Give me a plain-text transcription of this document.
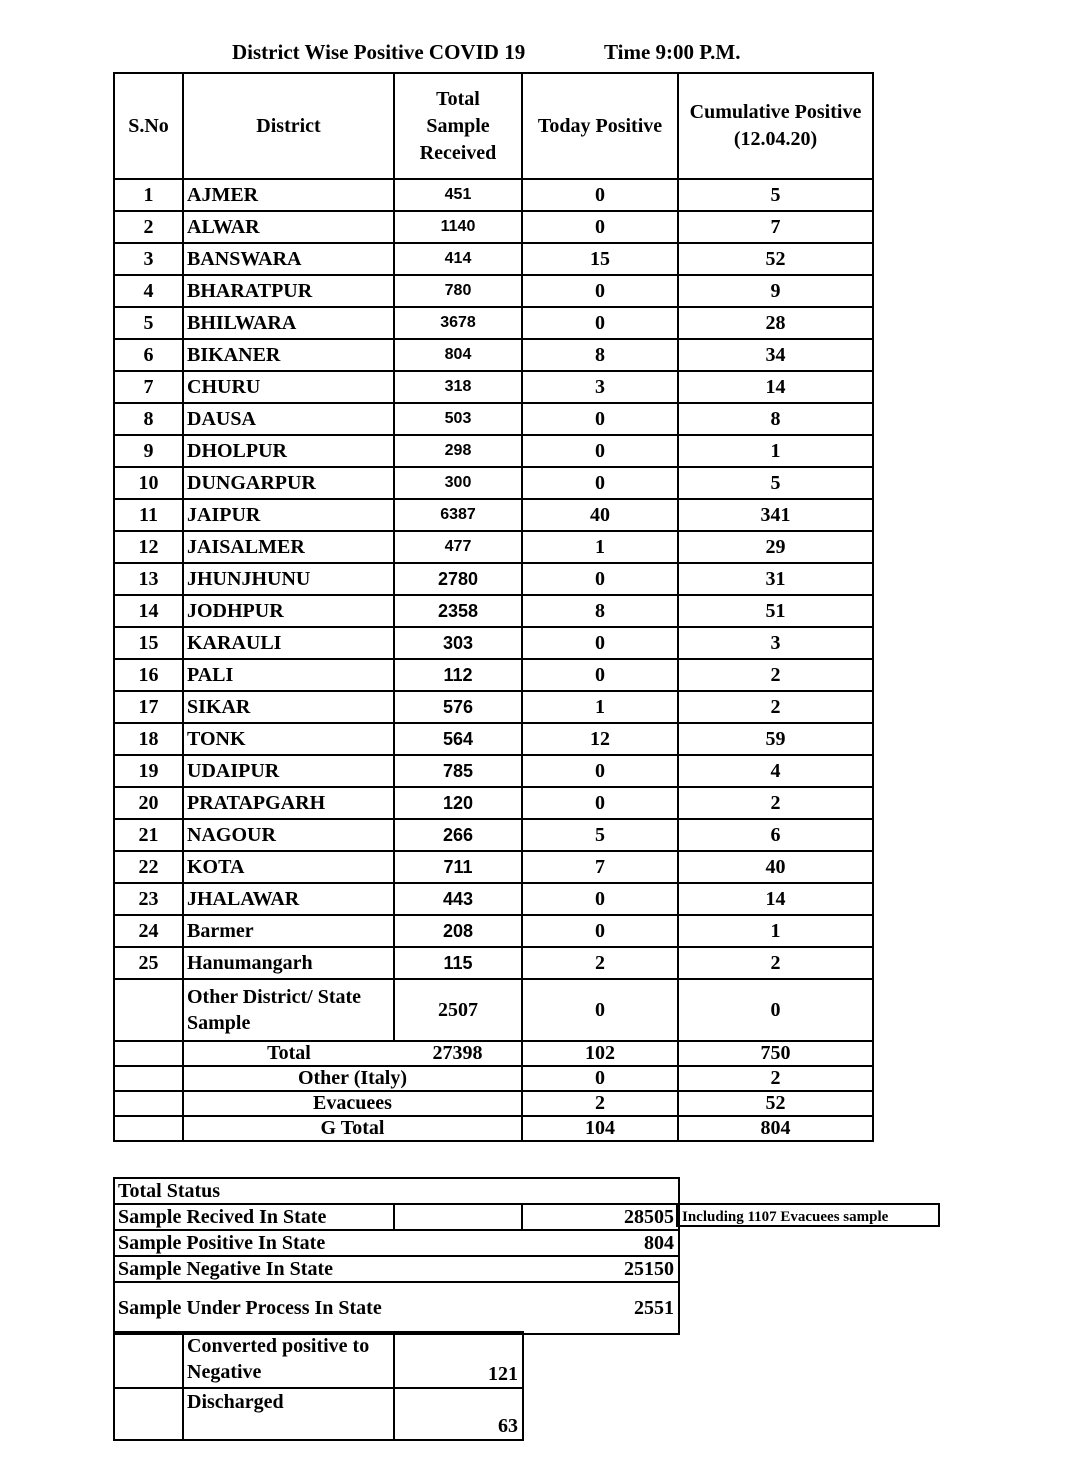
District Wise Positive COVID 19	Time 9:00 P.M.
S.No	District	Total Sample Received	Today Positive	Cumulative Positive (12.04.20)
1	AJMER	451	0	5
2	ALWAR	1140	0	7
3	BANSWARA	414	15	52
4	BHARATPUR	780	0	9
5	BHILWARA	3678	0	28
6	BIKANER	804	8	34
7	CHURU	318	3	14
8	DAUSA	503	0	8
9	DHOLPUR	298	0	1
10	DUNGARPUR	300	0	5
11	JAIPUR	6387	40	341
12	JAISALMER	477	1	29
13	JHUNJHUNU	2780	0	31
14	JODHPUR	2358	8	51
15	KARAULI	303	0	3
16	PALI	112	0	2
17	SIKAR	576	1	2
18	TONK	564	12	59
19	UDAIPUR	785	0	4
20	PRATAPGARH	120	0	2
21	NAGOUR	266	5	6
22	KOTA	711	7	40
23	JHALAWAR	443	0	14
24	Barmer	208	0	1
25	Hanumangarh	115	2	2
	Other District/ State Sample	2507	0	0
	Total	27398	102	750
	Other (Italy)		0	2
	Evacuees		2	52
	G Total		104	804
Total Status		
Sample Recived In State		28505
Sample Positive In State		804
Sample Negative In State		25150
Sample Under Process In State		2551
Including 1107 Evacuees sample
	Converted positive to Negative	121
	Discharged	63
